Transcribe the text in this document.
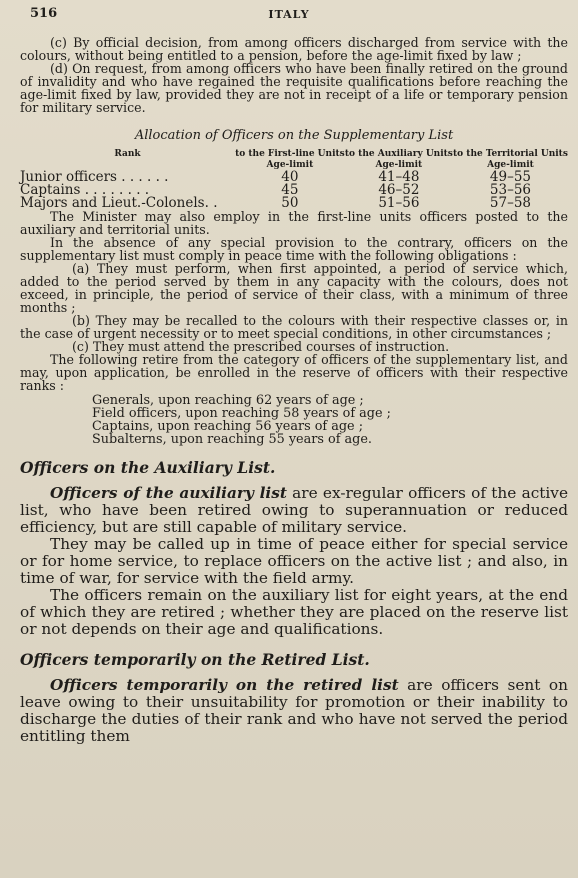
516	ITALY

(c) By official decision, from among officers discharged from service with the colours, without being entitled to a pension, before the age-limit fixed by law ;

(d) On request, from among officers who have been finally retired on the ground of invalidity and who have regained the requisite qualifications before reaching the age-limit fixed by law, provided they are not in receipt of a life or temporary pension for military service.

Allocation of Officers on the Supplementary List
Rank	to the First-line Units	to the Auxiliary Units	to the Territorial Units
	Age-limit	Age-limit	Age-limit
Junior officers . . . . . .	40	41–48	49–55
Captains . . . . . . . .	45	46–52	53–56
Majors and Lieut.-Colonels. .	50	51–56	57–58

The Minister may also employ in the first-line units officers posted to the auxiliary and territorial units.

In the absence of any special provision to the contrary, officers on the supplementary list must comply in peace time with the following obligations :

(a) They must perform, when first appointed, a period of service which, added to the period served by them in any capacity with the colours, does not exceed, in principle, the period of service of their class, with a minimum of three months ;

(b) They may be recalled to the colours with their respective classes or, in the case of urgent necessity or to meet special conditions, in other circumstances ;

(c) They must attend the prescribed courses of instruction.

The following retire from the category of officers of the supplementary list, and may, upon application, be enrolled in the reserve of officers with their respective ranks :

Generals, upon reaching 62 years of age ;
Field officers, upon reaching 58 years of age ;
Captains, upon reaching 56 years of age ;
Subalterns, upon reaching 55 years of age.
Officers on the Auxiliary List.

Officers of the auxiliary list are ex-regular officers of the active list, who have been retired owing to superannuation or reduced efficiency, but are still capable of military service.

They may be called up in time of peace either for special service or for home service, to replace officers on the active list ; and also, in time of war, for service with the field army.

The officers remain on the auxiliary list for eight years, at the end of which they are retired ; whether they are placed on the reserve list or not depends on their age and qualifications.

Officers temporarily on the Retired List.

Officers temporarily on the retired list are officers sent on leave owing to their unsuitability for promotion or their inability to discharge the duties of their rank and who have not served the period entitling them
